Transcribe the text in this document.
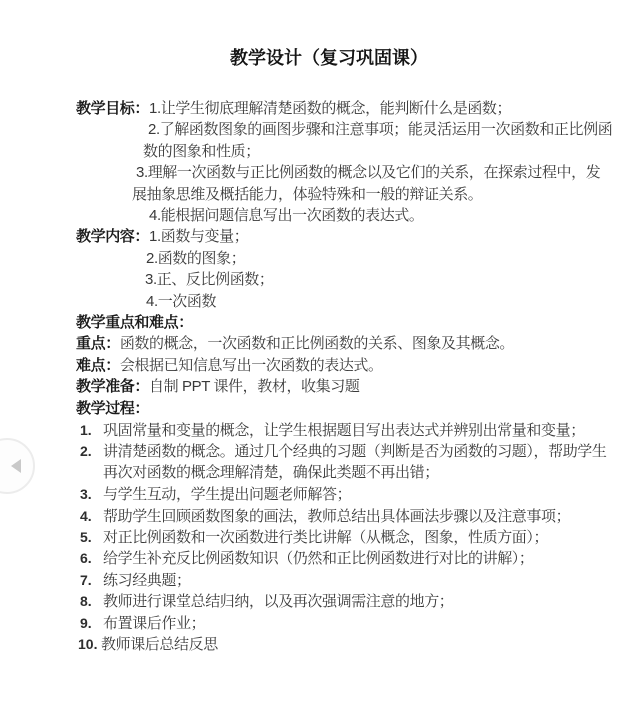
教学设计（复习巩固课）
教学目标：1.让学生彻底理解清楚函数的概念，能判断什么是函数；
2.了解函数图象的画图步骤和注意事项；能灵活运用一次函数和正比例函
数的图象和性质；
3.理解一次函数与正比例函数的概念以及它们的关系，在探索过程中，发
展抽象思维及概括能力，体验特殊和一般的辩证关系。
4.能根据问题信息写出一次函数的表达式。
教学内容：1.函数与变量；
2.函数的图象；
3.正、反比例函数；
4.一次函数
教学重点和难点：
重点：函数的概念，一次函数和正比例函数的关系、图象及其概念。
难点：会根据已知信息写出一次函数的表达式。
教学准备：自制 PPT 课件，教材，收集习题
教学过程：
1. 巩固常量和变量的概念，让学生根据题目写出表达式并辨别出常量和变量；
2. 讲清楚函数的概念。通过几个经典的习题（判断是否为函数的习题），帮助学生
再次对函数的概念理解清楚，确保此类题不再出错；
3. 与学生互动，学生提出问题老师解答；
4. 帮助学生回顾函数图象的画法，教师总结出具体画法步骤以及注意事项；
5. 对正比例函数和一次函数进行类比讲解（从概念，图象，性质方面）；
6. 给学生补充反比例函数知识（仍然和正比例函数进行对比的讲解）；
7. 练习经典题；
8. 教师进行课堂总结归纳，以及再次强调需注意的地方；
9. 布置课后作业；
10. 教师课后总结反思
